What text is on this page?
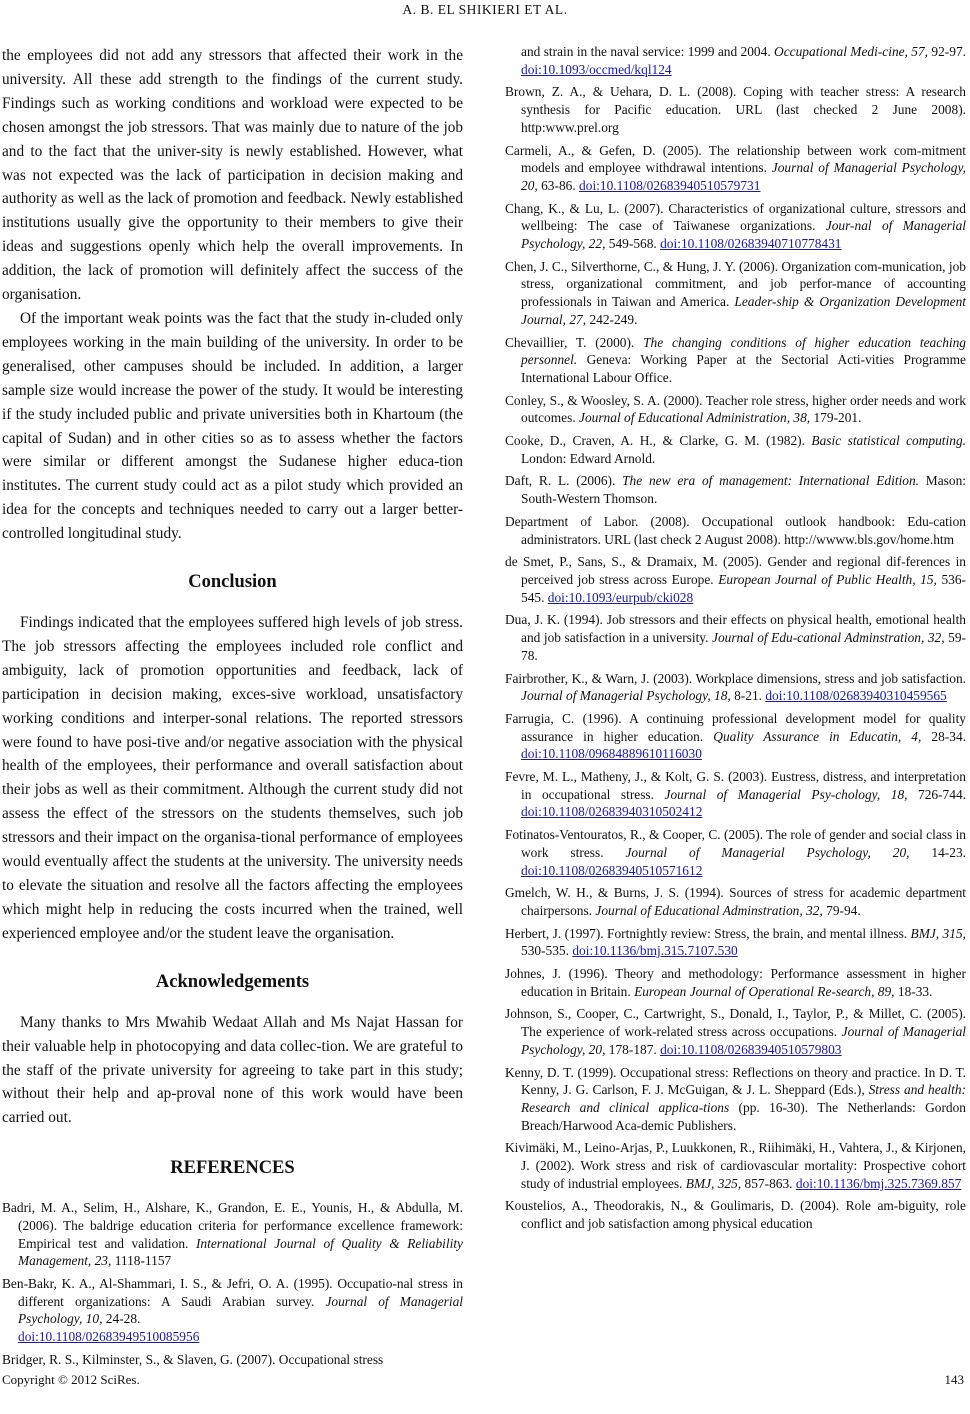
A. B. EL SHIKIERI ET AL.

the employees did not add any stressors that affected their work in the university. All these add strength to the findings of the current study. Findings such as working conditions and workload were expected to be chosen amongst the job stressors. That was mainly due to nature of the job and to the fact that the univer-sity is newly established. However, what was not expected was the lack of participation in decision making and authority as well as the lack of promotion and feedback. Newly established institutions usually give the opportunity to their members to give their ideas and suggestions openly which help the overall improvements. In addition, the lack of promotion will definitely affect the success of the organisation.

Of the important weak points was the fact that the study in-cluded only employees working in the main building of the university. In order to be generalised, other campuses should be included. In addition, a larger sample size would increase the power of the study. It would be interesting if the study included public and private universities both in Khartoum (the capital of Sudan) and in other cities so as to assess whether the factors were similar or different amongst the Sudanese higher educa-tion institutes. The current study could act as a pilot study which provided an idea for the concepts and techniques needed to carry out a larger better-controlled longitudinal study.

Conclusion

Findings indicated that the employees suffered high levels of job stress. The job stressors affecting the employees included role conflict and ambiguity, lack of promotion opportunities and feedback, lack of participation in decision making, exces-sive workload, unsatisfactory working conditions and interper-sonal relations. The reported stressors were found to have posi-tive and/or negative association with the physical health of the employees, their performance and overall satisfaction about their jobs as well as their commitment. Although the current study did not assess the effect of the stressors on the students themselves, such job stressors and their impact on the organisa-tional performance of employees would eventually affect the students at the university. The university needs to elevate the situation and resolve all the factors affecting the employees which might help in reducing the costs incurred when the trained, well experienced employee and/or the student leave the organisation.

Acknowledgements

Many thanks to Mrs Mwahib Wedaat Allah and Ms Najat Hassan for their valuable help in photocopying and data collec-tion. We are grateful to the staff of the private university for agreeing to take part in this study; without their help and ap-proval none of this work would have been carried out.

REFERENCES

Badri, M. A., Selim, H., Alshare, K., Grandon, E. E., Younis, H., & Abdulla, M. (2006). The baldrige education criteria for performance excellence framework: Empirical test and validation. International Journal of Quality & Reliability Management, 23, 1118-1157

Ben-Bakr, K. A., Al-Shammari, I. S., & Jefri, O. A. (1995). Occupatio-nal stress in different organizations: A Saudi Arabian survey. Journal of Managerial Psychology, 10, 24-28.
doi:10.1108/02683949510085956

Bridger, R. S., Kilminster, S., & Slaven, G. (2007). Occupational stress

and strain in the naval service: 1999 and 2004. Occupational Medi-cine, 57, 92-97. doi:10.1093/occmed/kql124

Brown, Z. A., & Uehara, D. L. (2008). Coping with teacher stress: A research synthesis for Pacific education. URL (last checked 2 June 2008). http:www.prel.org

Carmeli, A., & Gefen, D. (2005). The relationship between work com-mitment models and employee withdrawal intentions. Journal of Managerial Psychology, 20, 63-86. doi:10.1108/02683940510579731

Chang, K., & Lu, L. (2007). Characteristics of organizational culture, stressors and wellbeing: The case of Taiwanese organizations. Jour-nal of Managerial Psychology, 22, 549-568. doi:10.1108/02683940710778431

Chen, J. C., Silverthorne, C., & Hung, J. Y. (2006). Organization com-munication, job stress, organizational commitment, and job perfor-mance of accounting professionals in Taiwan and America. Leader-ship & Organization Development Journal, 27, 242-249.

Chevaillier, T. (2000). The changing conditions of higher education teaching personnel. Geneva: Working Paper at the Sectorial Acti-vities Programme International Labour Office.

Conley, S., & Woosley, S. A. (2000). Teacher role stress, higher order needs and work outcomes. Journal of Educational Administration, 38, 179-201.

Cooke, D., Craven, A. H., & Clarke, G. M. (1982). Basic statistical computing. London: Edward Arnold.

Daft, R. L. (2006). The new era of management: International Edition. Mason: South-Western Thomson.

Department of Labor. (2008). Occupational outlook handbook: Edu-cation administrators. URL (last check 2 August 2008). http://wwww.bls.gov/home.htm

de Smet, P., Sans, S., & Dramaix, M. (2005). Gender and regional dif-ferences in perceived job stress across Europe. European Journal of Public Health, 15, 536-545. doi:10.1093/eurpub/cki028

Dua, J. K. (1994). Job stressors and their effects on physical health, emotional health and job satisfaction in a university. Journal of Edu-cational Adminstration, 32, 59-78.

Fairbrother, K., & Warn, J. (2003). Workplace dimensions, stress and job satisfaction. Journal of Managerial Psychology, 18, 8-21. doi:10.1108/02683940310459565

Farrugia, C. (1996). A continuing professional development model for quality assurance in higher education. Quality Assurance in Educatin, 4, 28-34. doi:10.1108/09684889610116030

Fevre, M. L., Matheny, J., & Kolt, G. S. (2003). Eustress, distress, and interpretation in occupational stress. Journal of Managerial Psy-chology, 18, 726-744. doi:10.1108/02683940310502412

Fotinatos-Ventouratos, R., & Cooper, C. (2005). The role of gender and social class in work stress. Journal of Managerial Psychology, 20, 14-23. doi:10.1108/02683940510571612

Gmelch, W. H., & Burns, J. S. (1994). Sources of stress for academic department chairpersons. Journal of Educational Adminstration, 32, 79-94.

Herbert, J. (1997). Fortnightly review: Stress, the brain, and mental illness. BMJ, 315, 530-535. doi:10.1136/bmj.315.7107.530

Johnes, J. (1996). Theory and methodology: Performance assessment in higher education in Britain. European Journal of Operational Re-search, 89, 18-33.

Johnson, S., Cooper, C., Cartwright, S., Donald, I., Taylor, P., & Millet, C. (2005). The experience of work-related stress across occupations. Journal of Managerial Psychology, 20, 178-187. doi:10.1108/02683940510579803

Kenny, D. T. (1999). Occupational stress: Reflections on theory and practice. In D. T. Kenny, J. G. Carlson, F. J. McGuigan, & J. L. Sheppard (Eds.), Stress and health: Research and clinical applica-tions (pp. 16-30). The Netherlands: Gordon Breach/Harwood Aca-demic Publishers.

Kivimäki, M., Leino-Arjas, P., Luukkonen, R., Riihimäki, H., Vahtera, J., & Kirjonen, J. (2002). Work stress and risk of cardiovascular mortality: Prospective cohort study of industrial employees. BMJ, 325, 857-863. doi:10.1136/bmj.325.7369.857

Koustelios, A., Theodorakis, N., & Goulimaris, D. (2004). Role am-biguity, role conflict and job satisfaction among physical education

Copyright © 2012 SciRes.	143
